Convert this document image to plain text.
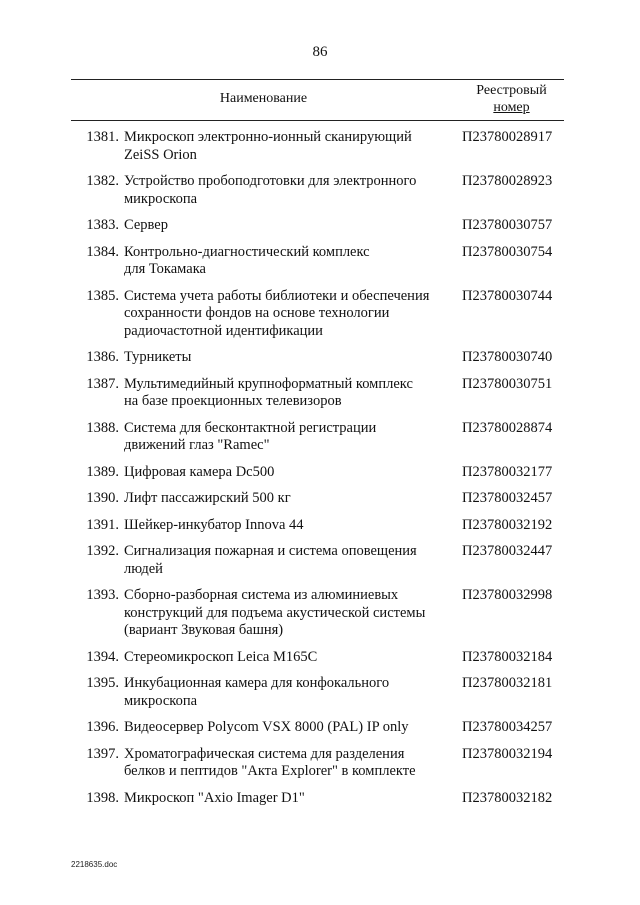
86
Наименование
Реестровый
номер
1381. Микроскоп электронно-ионный сканирующий
ZeiSS Orion
П23780028917
1382. Устройство пробоподготовки для электронного
микроскопа
П23780028923
1383. Сервер	П23780030757
1384. Контрольно-диагностический комплекс
для Токамака
П23780030754
1385. Система учета работы библиотеки и обеспечения
сохранности фондов на основе технологии
радиочастотной идентификации
П23780030744
1386. Турникеты	П23780030740
1387. Мультимедийный крупноформатный комплекс
на базе проекционных телевизоров
П23780030751
1388. Система для бесконтактной регистрации
движений глаз "Ramec"
П23780028874
1389. Цифровая камера Dc500	П23780032177
1390. Лифт пассажирский 500 кг	П23780032457
1391. Шейкер-инкубатор Innova 44	П23780032192
1392. Сигнализация пожарная и система оповещения
людей
П23780032447
1393. Сборно-разборная система из алюминиевых
конструкций для подъема акустической системы
(вариант Звуковая башня)
П23780032998
1394. Стереомикроскоп Leica M165C	П23780032184
1395. Инкубационная камера для конфокального
микроскопа
П23780032181
1396. Видеосервер Polycom VSX 8000 (PAL) IP only	П23780034257
1397. Хроматографическая система для разделения
белков и пептидов "Акта Explorer" в комплекте
П23780032194
1398. Микроскоп "Axio Imager D1"	П23780032182
2218635.doc
